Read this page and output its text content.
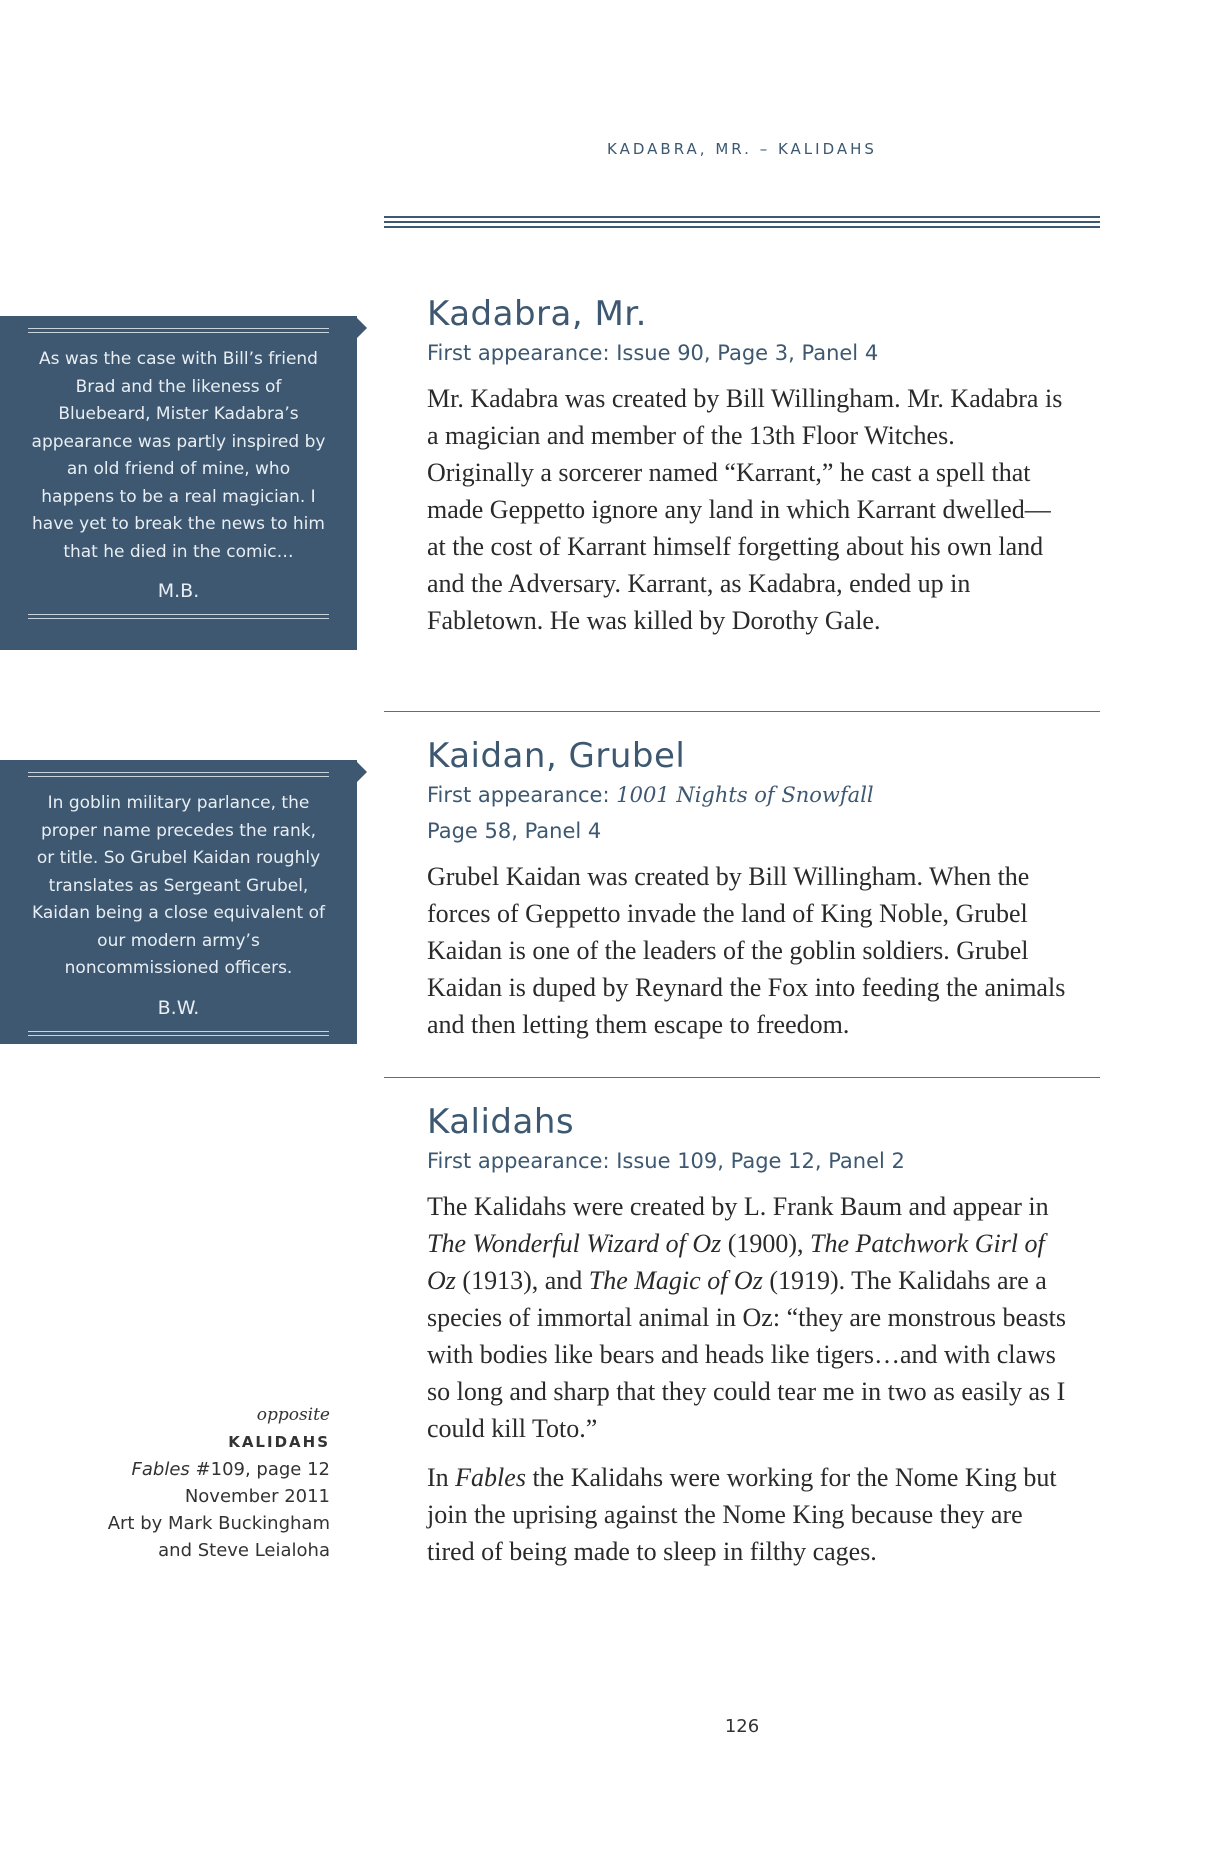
KADABRA, MR. – KALIDAHS
As was the case with Bill’s friend Brad and the likeness of Bluebeard, Mister Kadabra’s appearance was partly inspired by an old friend of mine, who happens to be a real magician. I have yet to break the news to him that he died in the comic…
M.B.
In goblin military parlance, the proper name precedes the rank, or title. So Grubel Kaidan roughly translates as Sergeant Grubel, Kaidan being a close equivalent of our modern army’s noncommissioned officers.
B.W.
Kadabra, Mr.
First appearance: Issue 90, Page 3, Panel 4

Mr. Kadabra was created by Bill Willingham. Mr. Kadabra is a magician and member of the 13th Floor Witches. Originally a sorcerer named “Karrant,” he cast a spell that made Geppetto ignore any land in which Karrant dwelled—at the cost of Karrant himself forgetting about his own land and the Adversary. Karrant, as Kadabra, ended up in Fabletown. He was killed by Dorothy Gale.

Kaidan, Grubel
First appearance: 1001 Nights of Snowfall
Page 58, Panel 4

Grubel Kaidan was created by Bill Willingham. When the forces of Geppetto invade the land of King Noble, Grubel Kaidan is one of the leaders of the goblin soldiers. Grubel Kaidan is duped by Reynard the Fox into feeding the animals and then letting them escape to freedom.

Kalidahs
First appearance: Issue 109, Page 12, Panel 2

The Kalidahs were created by L. Frank Baum and appear in The Wonderful Wizard of Oz (1900), The Patchwork Girl of Oz (1913), and The Magic of Oz (1919). The Kalidahs are a species of immortal animal in Oz: “they are monstrous beasts with bodies like bears and heads like tigers…and with claws so long and sharp that they could tear me in two as easily as I could kill Toto.”

In Fables the Kalidahs were working for the Nome King but join the uprising against the Nome King because they are tired of being made to sleep in filthy cages.

opposite
KALIDAHS
Fables #109, page 12
November 2011
Art by Mark Buckingham
and Steve Leialoha
126
